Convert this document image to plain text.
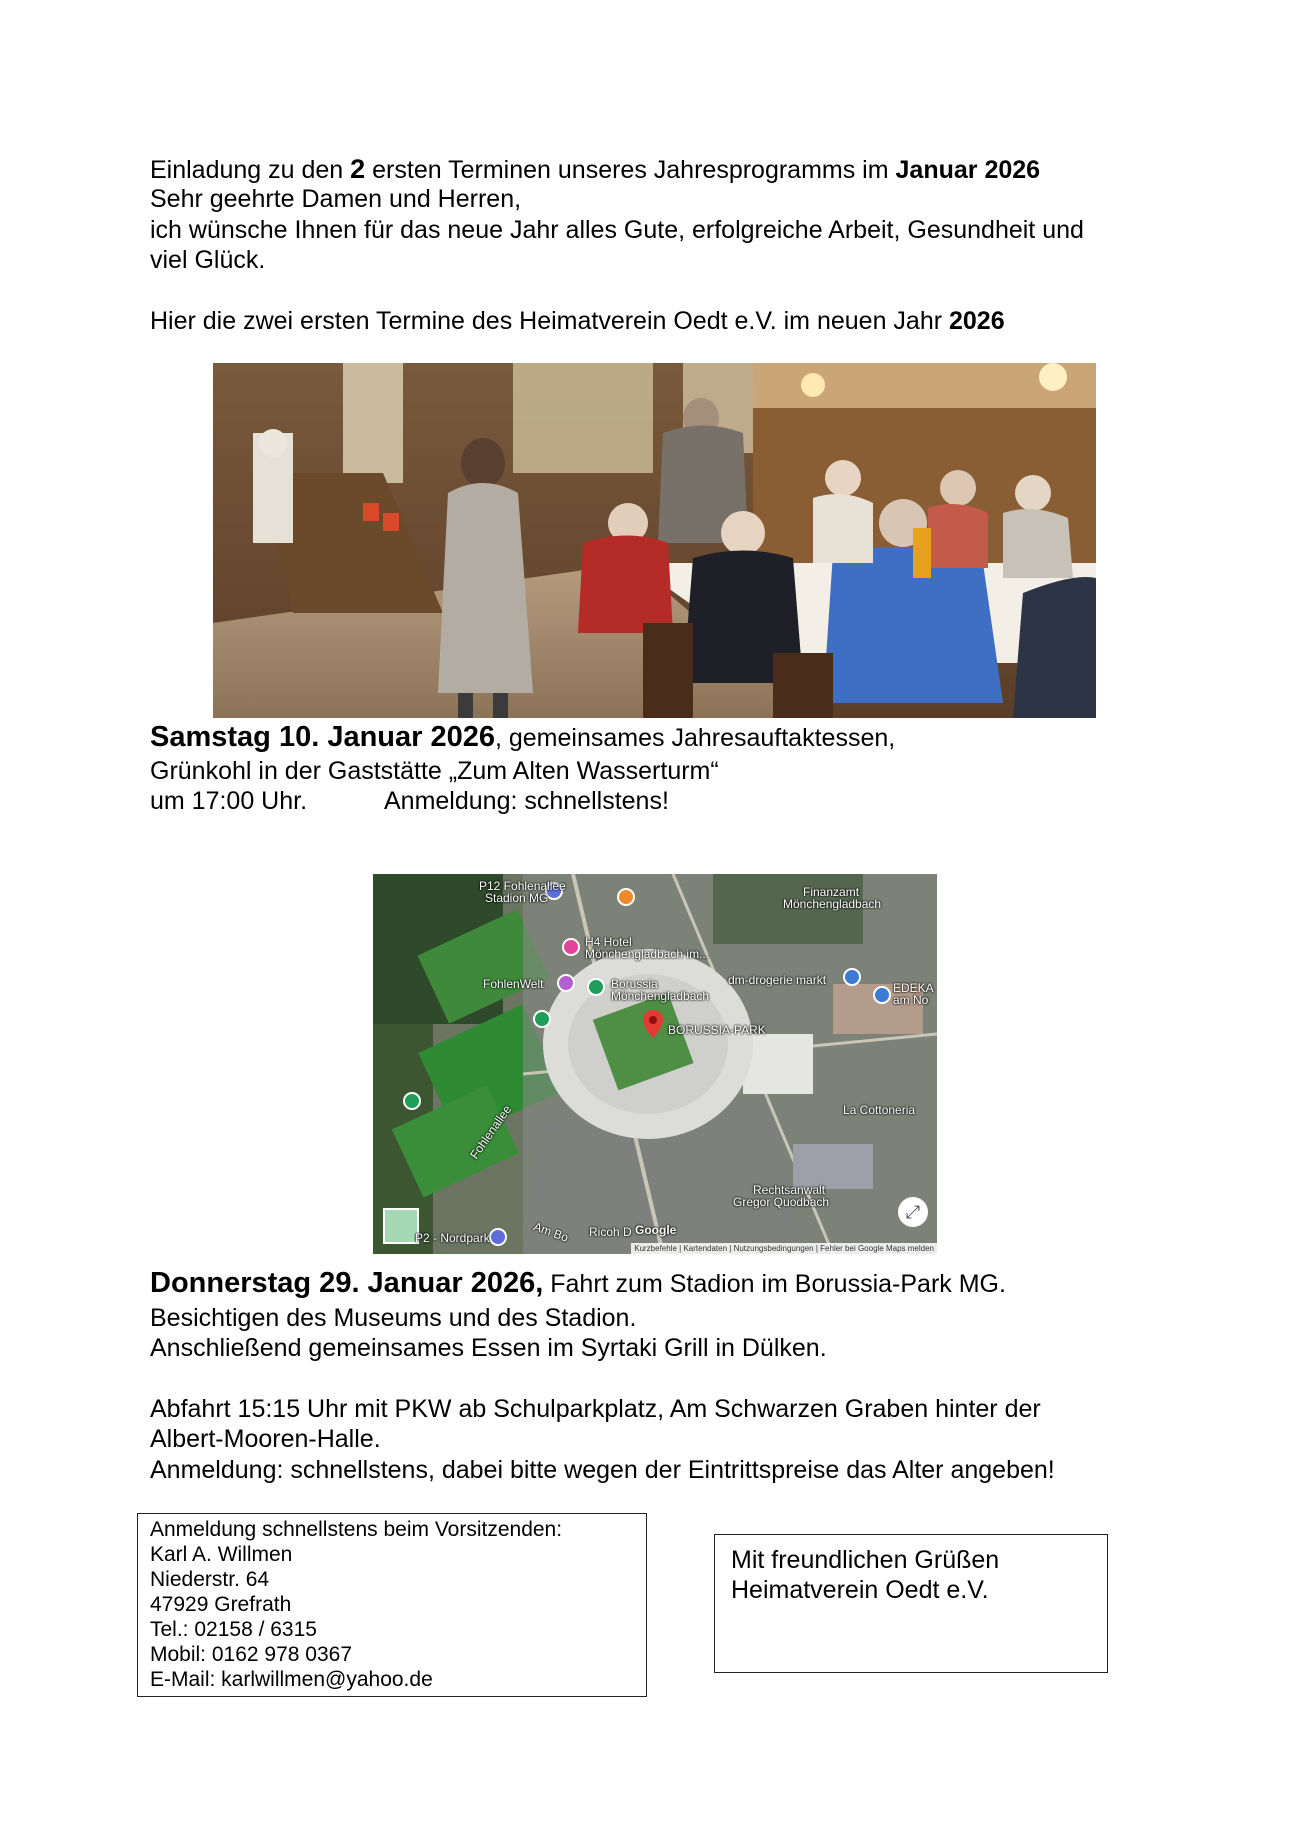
Einladung zu den 2 ersten Terminen unseres Jahresprogramms im Januar 2026
Sehr geehrte Damen und Herren,
ich wünsche Ihnen für das neue Jahr alles Gute, erfolgreiche Arbeit, Gesundheit und
viel Glück.
Hier die zwei ersten Termine des Heimatverein Oedt e.V. im neuen Jahr 2026
Samstag 10. Januar 2026, gemeinsames Jahresauftaktessen,
Grünkohl in der Gaststätte „Zum Alten Wasserturm“
um 17:00 Uhr.	Anmeldung: schnellstens!
⤢
P12 Fohlenallee
Stadion MG	Finanzamt
Mönchengladbach
H4 Hotel
Mönchengladbach im...
FohlenWelt	Borussia
Mönchengladbach
dm-drogerie markt
EDEKA
am No
BORUSSIA-PARK
La Cottoneria
Fohlenallee
Rechtsanwalt
Gregor Quodbach
P2 - Nordpark	Am Bo Ricoh D Google
Kurzbefehle | Kartendaten | Nutzungsbedingungen | Fehler bei Google Maps melden
Donnerstag 29. Januar 2026, Fahrt zum Stadion im Borussia-Park MG.
Besichtigen des Museums und des Stadion.
Anschließend gemeinsames Essen im Syrtaki Grill in Dülken.
Abfahrt 15:15 Uhr mit PKW ab Schulparkplatz, Am Schwarzen Graben hinter der
Albert-Mooren-Halle.
Anmeldung: schnellstens, dabei bitte wegen der Eintrittspreise das Alter angeben!
Anmeldung schnellstens beim Vorsitzenden:
Karl A. Willmen
Niederstr. 64
47929 Grefrath
Tel.: 02158 / 6315
Mobil: 0162 978 0367
E-Mail: karlwillmen@yahoo.de
Mit freundlichen Grüßen
Heimatverein Oedt e.V.
